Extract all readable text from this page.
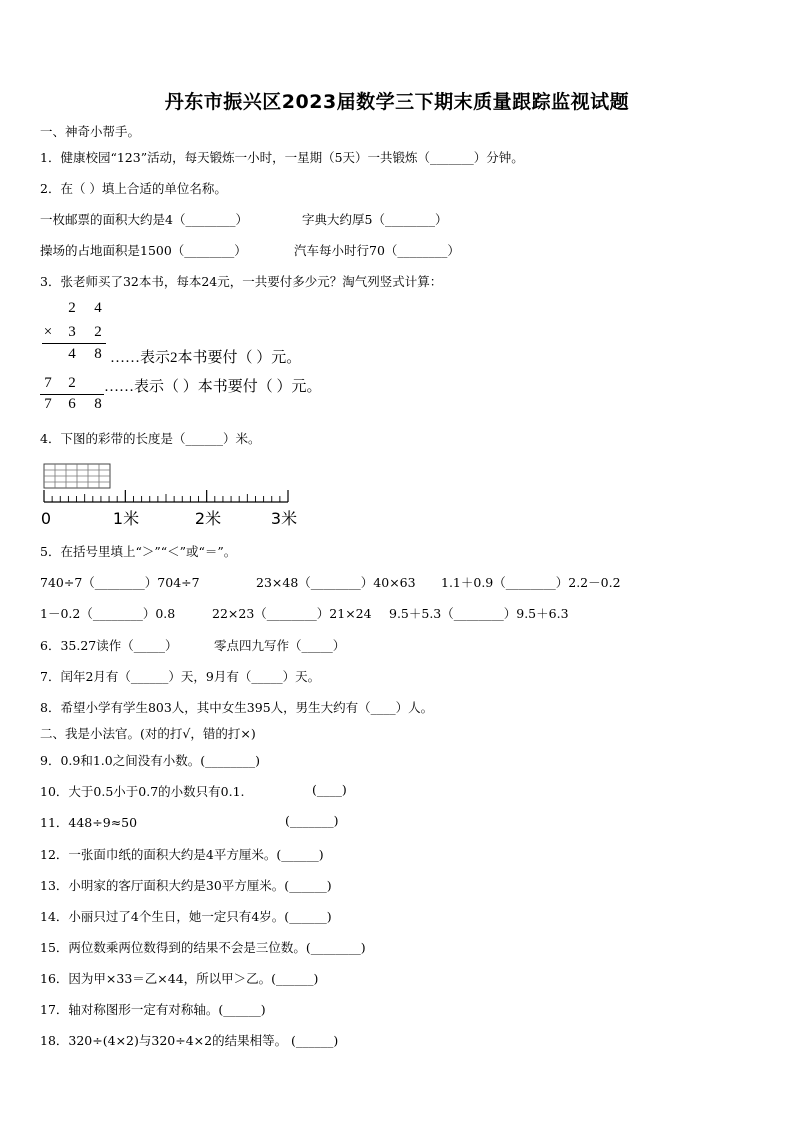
丹东市振兴区2023届数学三下期末质量跟踪监视试题
一、神奇小帮手。
1．健康校园“123”活动，每天锻炼一小时，一星期（5天）一共锻炼（_______）分钟。
2．在（ ）填上合适的单位名称。
一枚邮票的面积大约是4（________）	字典大约厚5（________）
操场的占地面积是1500（________）	汽车每小时行70（________）
3．张老师买了32本书，每本24元，一共要付多少元？淘气列竖式计算：
2 4
× 3 2
4 8 ……表示2本书要付（ ）元。
7 2 ……表示（ ）本书要付（ ）元。
7 6 8
4．下图的彩带的长度是（______）米。
0	1米	2米	3米
5．在括号里填上“＞”“＜”或“＝”。
740÷7（________）704÷7	23×48（________）40×63 1.1＋0.9（________）2.2－0.2
1－0.2（________）0.8	22×23（________）21×24 9.5＋5.3（________）9.5＋6.3
6．35.27读作（_____）	零点四九写作（_____）
7．闰年2月有（______）天，9月有（_____）天。
8．希望小学有学生803人，其中女生395人，男生大约有（____）人。
二、我是小法官。(对的打√，错的打×)
9．0.9和1.0之间没有小数。(________)
10．大于0.5小于0.7的小数只有0.1.	(____)
11．448÷9≈50	(_______)
12．一张面巾纸的面积大约是4平方厘米。(______)
13．小明家的客厅面积大约是30平方厘米。(______)
14．小丽只过了4个生日，她一定只有4岁。(______)
15．两位数乘两位数得到的结果不会是三位数。(________)
16．因为甲×33＝乙×44，所以甲＞乙。(______)
17．轴对称图形一定有对称轴。(______)
18．320÷(4×2)与320÷4×2的结果相等。 (______)
